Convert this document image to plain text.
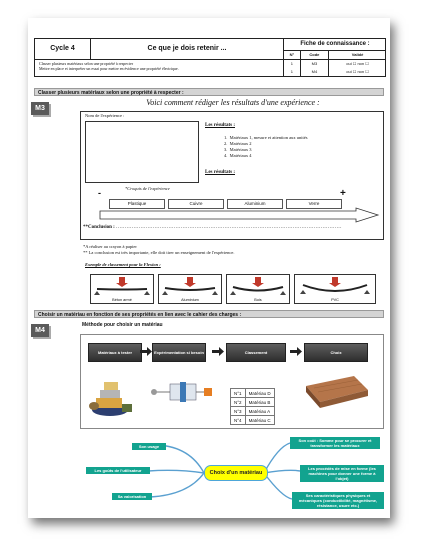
Cycle 4	Ce que je dois retenir ...
Fiche de connaissance :
N°	Code	Validé
1	M3	oui ☐ non ☐
1	M4	oui ☐ non ☐
Classer plusieurs matériaux selon une propriété à respecter
Mettre en place et interpréter un essai pour mettre en évidence une propriété électrique.
Classer plusieurs matériaux selon une propriété à respecter :
M3
Voici comment rédiger les résultats d'une expérience :
Nom de l'expérience :
*Croquis de l'expérience
Les résultats :
1.  Matériaux 1, mesure et attention aux unités
2.  Matériaux 2
3.  Matériaux 3
4.  Matériaux 4
Les résultats :
-	+
Plastique	Cuivre	Aluminium	Verre
**Conclusion : .................................................................................................................................
*A réaliser au crayon à papier
** La conclusion est très importante, elle doit tirer un enseignement de l'expérience.
Exemple de classement pour la Flexion :
Béton armé	Aluminium	Bois	PVC
Choisir un matériau en fonction de ses propriétés en lien avec le cahier des charges :
M4
Méthode pour choisir un matériau
Matériaux à tester	Expérimentation si besoin	Classement	Choix
N°1	Matériau D
N°2	Matériau B
N°3	Matériau A
N°4	Matériau C
Choix d'un matériau
Son usage
Les goûts de l'utilisateur
Sa valorisation
Son coût : Somme pour se procurer et transformer les matériaux
Les procédés de mise en forme (les machines pour donner une forme à l'objet)
Ses caractéristiques physiques et mécaniques (conductibilité, magnétisme, résistance, usure etc.)
